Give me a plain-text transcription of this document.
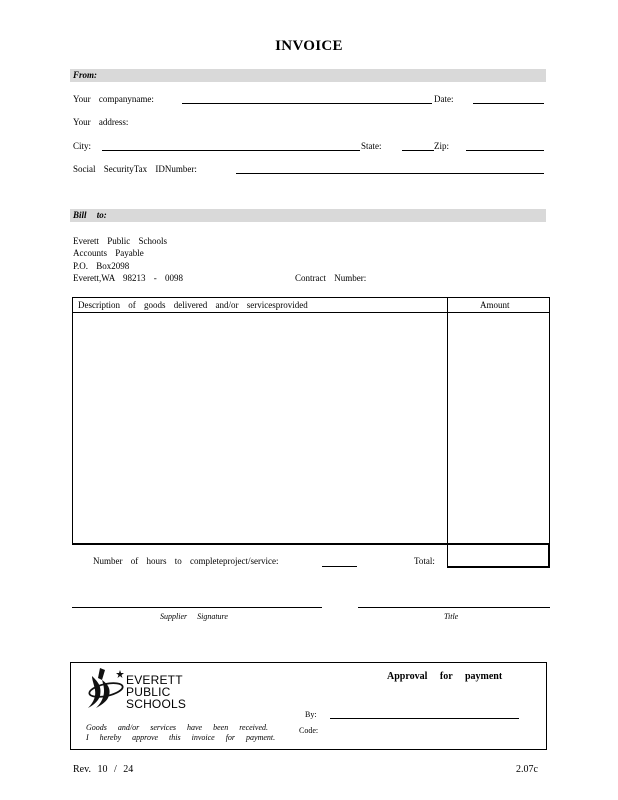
INVOICE
From:
Your companyname:	Date:
Your address:
City:	State:	Zip:
Social SecurityTax IDNumber:
Bill to:
Everett Public Schools
Accounts Payable
P.O. Box2098
Everett,WA 98213 - 0098	Contract Number:
Description of goods delivered and/or servicesprovided	Amount
Number of hours to completeproject/service:	Total:
Supplier Signature	Title
EVERETT
PUBLIC
SCHOOLS
Goods and/or services have been received.
I hereby approve this invoice for payment.
Approval for payment
By:
Code:
Rev. 10 / 24	2.07c
